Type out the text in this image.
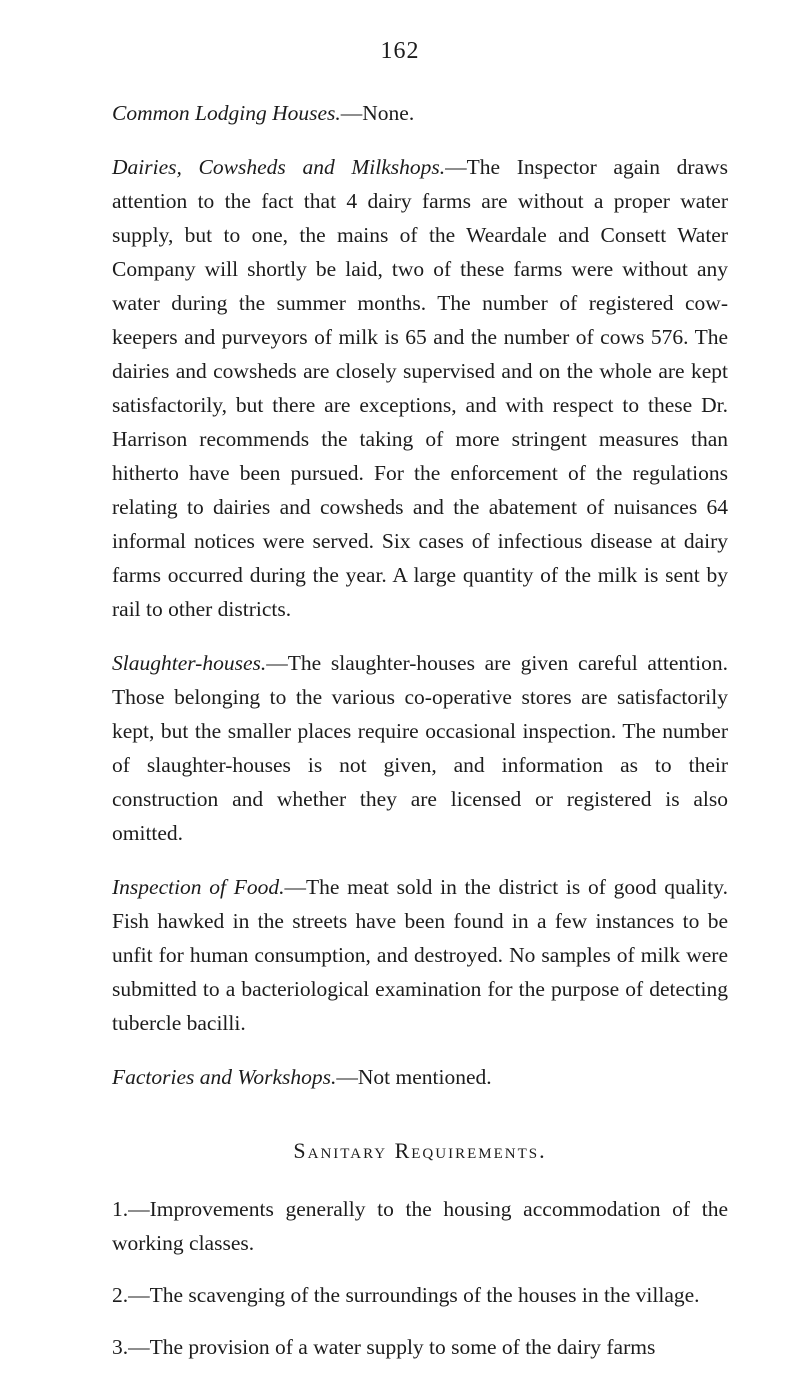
162

Common Lodging Houses.—None.

Dairies, Cowsheds and Milkshops.—The Inspector again draws attention to the fact that 4 dairy farms are without a proper water supply, but to one, the mains of the Weardale and Consett Water Company will shortly be laid, two of these farms were without any water during the summer months. The number of registered cow-keepers and purveyors of milk is 65 and the number of cows 576. The dairies and cowsheds are closely supervised and on the whole are kept satisfactorily, but there are exceptions, and with respect to these Dr. Harrison recommends the taking of more stringent measures than hitherto have been pursued. For the enforcement of the regulations relating to dairies and cowsheds and the abatement of nuisances 64 informal notices were served. Six cases of infectious disease at dairy farms occurred during the year. A large quantity of the milk is sent by rail to other districts.

Slaughter-houses.—The slaughter-houses are given careful attention. Those belonging to the various co-operative stores are satisfactorily kept, but the smaller places require occasional inspection. The number of slaughter-houses is not given, and information as to their construction and whether they are licensed or registered is also omitted.

Inspection of Food.—The meat sold in the district is of good quality. Fish hawked in the streets have been found in a few instances to be unfit for human consumption, and destroyed. No samples of milk were submitted to a bacteriological examination for the purpose of detecting tubercle bacilli.

Factories and Workshops.—Not mentioned.

Sanitary Requirements.

1.—Improvements generally to the housing accommodation of the working classes.

2.—The scavenging of the surroundings of the houses in the village.

3.—The provision of a water supply to some of the dairy farms
